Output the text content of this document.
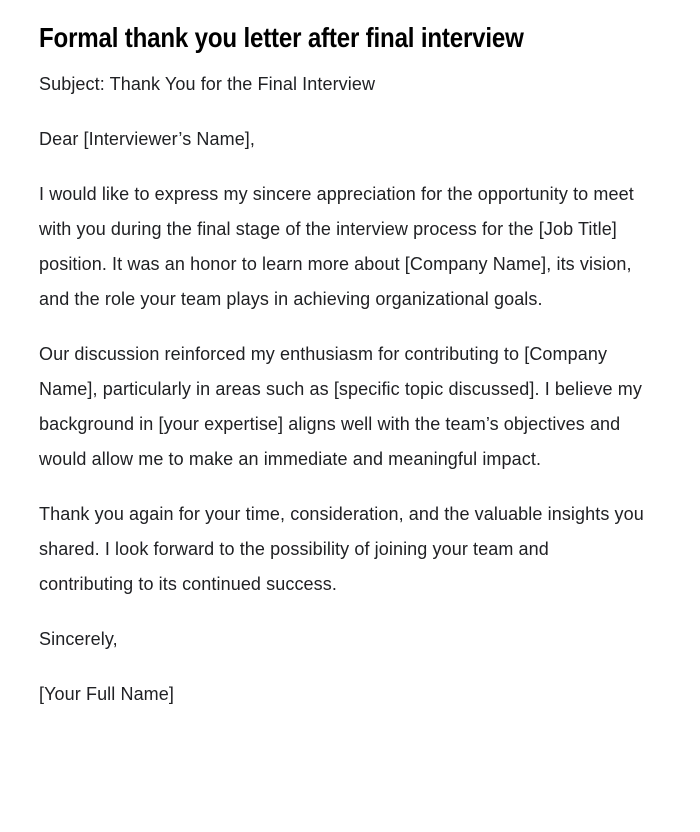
Formal thank you letter after final interview

Subject: Thank You for the Final Interview

Dear [Interviewer’s Name],

I would like to express my sincere appreciation for the opportunity to meet with you during the final stage of the interview process for the [Job Title] position. It was an honor to learn more about [Company Name], its vision, and the role your team plays in achieving organizational goals.

Our discussion reinforced my enthusiasm for contributing to [Company Name], particularly in areas such as [specific topic discussed]. I believe my background in [your expertise] aligns well with the team’s objectives and would allow me to make an immediate and meaningful impact.

Thank you again for your time, consideration, and the valuable insights you shared. I look forward to the possibility of joining your team and contributing to its continued success.

Sincerely,

[Your Full Name]
